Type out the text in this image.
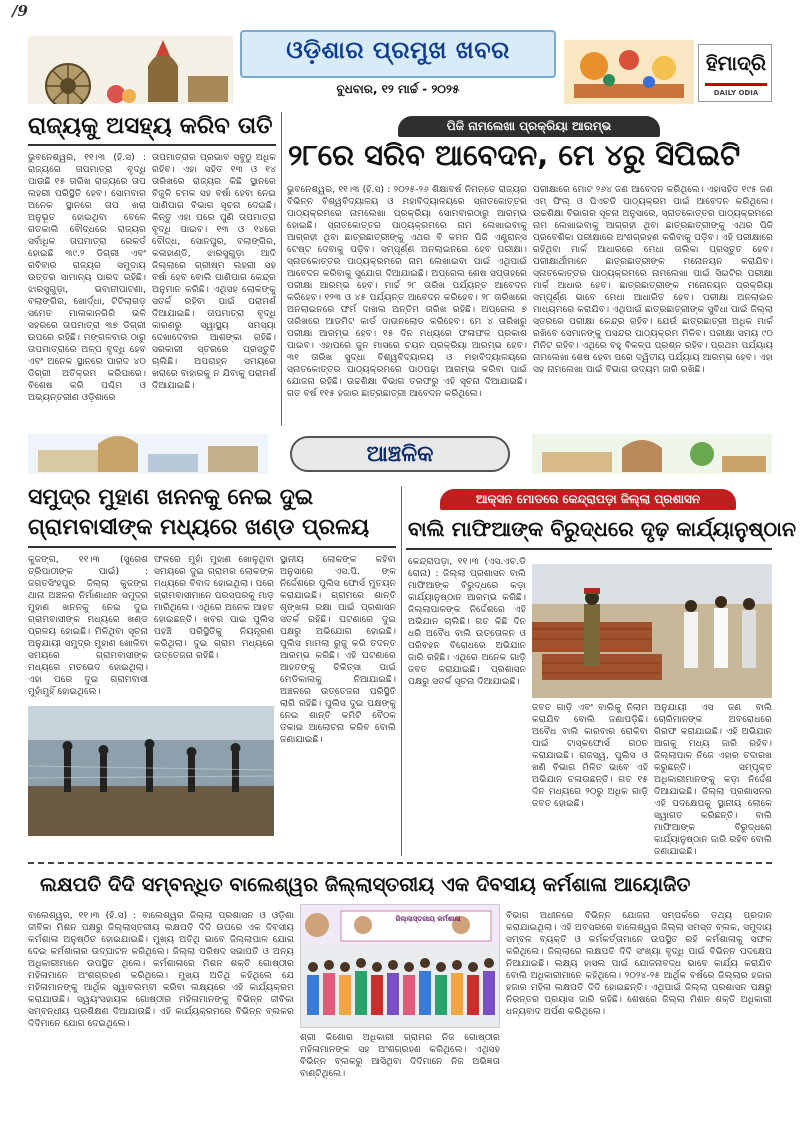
/9
ଓଡ଼ିଶାର ପ୍ରମୁଖ ଖବର
ବୁଧବାର, ୧୨ ମାର୍ଚ୍ଚ - ୨୦୨୫
ହିମାଦ୍ରି
DAILY ODIA
ରାଜ୍ୟକୁ ଅସହ୍ୟ କରିବ ତାତି
ଭୁବନେଶ୍ୱର, ୧୧।୩ (ହି.ସ) : ରାଜ୍ୟରେ ତାପମାତ୍ରା ବୃଦ୍ଧି ପାଉଛି ୧୫ ତାରିଖ ରାଜ୍ୟରେ ତାପ ଲହରୀ ପରିସ୍ଥିତି ହେବ। ସୋମବାର ଅନେକ ସ୍ଥାନରେ ତାପ ଖରା ଅନୁଭୂତ ହୋଇଥିବା ବେଳେ ଗତକାଲି ବୌଦ୍ଧରେ ରାଜ୍ୟର ସର୍ବାଧିକ ତାପମାତ୍ରା ରେକର୍ଡ ହୋଇଛି ୩୯.୨ ଡିଗ୍ରୀ ଏବଂ ରବିବାର ରାଜ୍ୟର ସମୁଦାୟ ଉତ୍ତର ସାମାନ୍ୟ ପାରଦ ରହିଛି। ଝାରସୁଗୁଡ଼ା, ଭବାନୀପାଟଣା, ବଲାଙ୍ଗିର, ଖୋର୍ଦ୍ଧା, ଟିଟିଲାଗଡ଼ ସମେତ ମାଲକାନଗିରି ଭଳି ସହରରେ ତାପମାତ୍ରା ୩୭ ଡିଗ୍ରୀ ଉପରେ ରହିଛି। ମଙ୍ଗଳବାର ଠାରୁ ତାପମାତ୍ରାରେ ଅଳ୍ପ ବୃଦ୍ଧି ହେବ ଏବଂ ଅନେକ ସ୍ଥାନରେ ପାରଦ ୪୦ ଡିଗ୍ରୀ ଅତିକ୍ରମ କରିପାରେ। ବିଶେଷ କରି ପଶ୍ଚିମ ଓ ଅଭ୍ୟନ୍ତରୀଣ ଓଡ଼ିଶାରେ
ତାପମାତ୍ରାର ପ୍ରଭାବ ସବୁଠୁ ଅଧିକ ରହିବ। ଏହା ସହିତ ୧୩ ଓ ୧୪ ତାରିଖରେ ରାଜ୍ୟର କିଛି ସ୍ଥାନରେ ବିଜୁଳି ଚମକ ସହ ବର୍ଷା ହେବା ନେଇ ପାଣିପାଗ ବିଭାଗ ସୂଚନା ଦେଇଛି। କିନ୍ତୁ ଏହା ପରେ ପୁଣି ତାପମାତ୍ରା ବୃଦ୍ଧି ପାଇବ। ୧୩ ଓ ୧୪ରେ ବୌଦ୍ଧ, ସୋନପୁର, ବଲାଙ୍ଗିର, କଳାହାଣ୍ଡି, ଝାରସୁଗୁଡ଼ା ଆଦି ଜିଲ୍ଲାରେ ଗ୍ରୀଷ୍ମ ଲହରୀ ସହ ବର୍ଷା ହେବ ବୋଲି ପାଣିପାଗ କେନ୍ଦ୍ର ଅନୁମାନ କରିଛି। ଏଥିସହ ଲୋକଙ୍କୁ ସତର୍କ ରହିବା ପାଇଁ ପରାମର୍ଶ ଦିଆଯାଇଛି। ତାପମାତ୍ରା ବୃଦ୍ଧି କାରଣରୁ ସ୍ୱାସ୍ଥ୍ୟ ସମସ୍ୟା ଦେଖାଦେବାର ଆଶଙ୍କା ରହିଛି। ସରକାରୀ ସ୍ତରରେ ପ୍ରସ୍ତୁତି ଚାଲିଛି। ଅପରାହ୍ନ ସମୟରେ ଖରାରେ ବାହାରକୁ ନ ଯିବାକୁ ପରାମର୍ଶ ଦିଆଯାଇଛି।
ପିଜି ନାମଲେଖା ପ୍ରକ୍ରିୟା ଆରମ୍ଭ
୨୮ରେ ସରିବ ଆବେଦନ, ମେ ୪ରୁ ସିପିଇଟି
ଭୁବନେଶ୍ୱର, ୧୧।୩ (ହି.ସ) : ୨୦୨୫-୨୬ ଶିକ୍ଷାବର୍ଷ ନିମନ୍ତେ ରାଜ୍ୟର ବିଭିନ୍ନ ବିଶ୍ୱବିଦ୍ୟାଳୟ ଓ ମହାବିଦ୍ୟାଳୟରେ ସ୍ନାତକୋତ୍ତର ପାଠ୍ୟକ୍ରମରେ ନାମଲେଖା ପ୍ରକ୍ରିୟା ସୋମବାରଠାରୁ ଆରମ୍ଭ ହୋଇଛି। ସ୍ନାତକୋତ୍ତର ପାଠ୍ୟକ୍ରମରେ ନାମ ଲେଖାଇବାକୁ ଆଗ୍ରହୀ ଥିବା ଛାତ୍ରଛାତ୍ରୀଙ୍କୁ ଏଥର ବି କମନ ପିଜି ଏଣ୍ଟ୍ରାନ୍ସ ଟେଷ୍ଟ ଦେବାକୁ ପଡ଼ିବ। ସମ୍ପୂର୍ଣ୍ଣ ଅନଲାଇନରେ ହେବ ପରୀକ୍ଷା। ସ୍ନାତକୋତ୍ତର ପାଠ୍ୟକ୍ରମରେ ନାମ ଲେଖାଇବା ପାଇଁ ଏଥିପାଇଁ ଆବେଦନ କରିବାକୁ ସୁଯୋଗ ଦିଆଯାଇଛି। ଅପ୍ରେଲ ଶେଷ ସପ୍ତାହରେ ପରୀକ୍ଷା ଆରମ୍ଭ ହେବ। ମାର୍ଚ୍ଚ ୨୮ ତାରିଖ ପର୍ଯ୍ୟନ୍ତ ଆବେଦନ କରିହେବ। ୧୨୩ ଓ ୪୫ ପର୍ଯ୍ୟନ୍ତ ଆବେଦନ କରିହେବ। ୨୮ ତାରିଖରେ ଅନଲାଇନରେ ଫର୍ମ ଦାଖଲ ଅନ୍ତିମ ତାରିଖ ରହିଛି। ଅପ୍ରେଲ ୭ ତାରିଖରେ ଆଡମିଟ କାର୍ଡ ଡାଉନଲୋଡ କରିହେବ। ମେ ୪ ତାରିଖରୁ ପରୀକ୍ଷା ଆରମ୍ଭ ହେବ। ୧୫ ଦିନ ମଧ୍ୟରେ ଫଳାଫଳ ପ୍ରକାଶ ପାଇବ। ଏହାପରେ ଜୁନ ମାସରେ ଚୟନ ପ୍ରକ୍ରିୟା ଆରମ୍ଭ ହେବ। ୩୧ ତାରିଖ ସୁଦ୍ଧା ବିଶ୍ୱବିଦ୍ୟାଳୟ ଓ ମହାବିଦ୍ୟାଳୟରେ ସ୍ନାତକୋତ୍ତର ପାଠ୍ୟକ୍ରମରେ ପାଠପଢ଼ା ଆରମ୍ଭ କରିବା ପାଇଁ ଯୋଜନା ରହିଛି। ଉଚ୍ଚଶିକ୍ଷା ବିଭାଗ ତରଫରୁ ଏହି ସୂଚନା ଦିଆଯାଇଛି। ଗତ ବର୍ଷ ୧୧୫ ହଜାର ଛାତ୍ରଛାତ୍ରୀ ଆବେଦନ କରିଥିଲେ।
ପରୀକ୍ଷାରେ ମୋଟ ୨୬୪ ଜଣ ଆବେଦନ କରିଥିଲେ। ଏହାସହିତ ୧୯୫ ଜଣ ଏମ୍ ଫିଲ୍ ଓ ପିଏଚଡି ପାଠ୍ୟକ୍ରମ ପାଇଁ ଆବେଦନ କରିଥିଲେ। ଉଚ୍ଚଶିକ୍ଷା ବିଭାଗର ସୂଚନା ଅନୁସାରେ, ସ୍ନାତକୋତ୍ତର ପାଠ୍ୟକ୍ରମରେ ନାମ ଲେଖାଇବାକୁ ଆଗ୍ରହୀ ଥିବା ଛାତ୍ରଛାତ୍ରୀଙ୍କୁ ଏଥର ପିଜି ପ୍ରବେଶିକା ପରୀକ୍ଷାରେ ଅଂଶଗ୍ରହଣ କରିବାକୁ ପଡ଼ିବ। ଏହି ପରୀକ୍ଷାରେ ରହିଥିବା ମାର୍କ ଆଧାରରେ ମେଧା ତାଲିକା ପ୍ରସ୍ତୁତ ହେବ। ପରୀକ୍ଷାର୍ଥୀମାନେ ଛାତ୍ରଛାତ୍ରୀଙ୍କ ମନୋନୟନ କରାଯିବ। ସ୍ନାତକୋତ୍ତର ପାଠ୍ୟକ୍ରମରେ ନାମଲେଖା ପାଇଁ ସିଇଟିର ପରୀକ୍ଷା ମାର୍କ ଆଧାର ହେବ। ଛାତ୍ରଛାତ୍ରୀଙ୍କ ମନୋନୟନ ପ୍ରକ୍ରିୟା ସମ୍ପୂର୍ଣ୍ଣ ଭାବେ ମେଧା ଆଧାରିତ ହେବ। ପରୀକ୍ଷା ଅନଲାଇନ ମାଧ୍ୟମରେ କରାଯିବ। ଏଥିପାଇଁ ଛାତ୍ରଛାତ୍ରୀଙ୍କ ସୁବିଧା ପାଇଁ ଜିଲ୍ଲା ସ୍ତରରେ ପରୀକ୍ଷା କେନ୍ଦ୍ର ରହିବ। ଯେଉଁ ଛାତ୍ରଛାତ୍ରୀ ଅଧିକ ମାର୍କ ରଖିବେ ସେମାନଙ୍କୁ ପସନ୍ଦର ପାଠ୍ୟକ୍ରମ ମିଳିବ। ପରୀକ୍ଷା ସମୟ ୯୦ ମିନିଟ ରହିବ। ଏଥିରେ ବହୁ ବିକଳ୍ପ ପ୍ରଶ୍ନ ରହିବ। ପ୍ରଥମ ପର୍ଯ୍ୟାୟ ନାମଲେଖା ଶେଷ ହେବା ପରେ ଦ୍ୱିତୀୟ ପର୍ଯ୍ୟାୟ ଆରମ୍ଭ ହେବ। ଏହା ସହ ନାମଲେଖା ପାଇଁ ବିଭାଗ ଉଦ୍ୟମ ଜାରି ରଖିଛି।
ଆଞ୍ଚଳିକ
ସମୁଦ୍ର ମୁହାଣ ଖନନକୁ ନେଇ ଦୁଇ
ଗ୍ରାମବାସୀଙ୍କ ମଧ୍ୟରେ ଖଣ୍ଡ ପ୍ରଳୟ
କୁଜଙ୍ଗ, ୧୧।୩ (ସୁରେଶ ତ୍ରିପାଠୀଙ୍କ ପାଇଁ) : ଜଗତସିଂହପୁର ଜିଲ୍ଲା କୁଜଙ୍ଗ ଥାନା ଅଞ୍ଚଳର ନିର୍ମାଣାଧୀନ ସମୁଦ୍ର ମୁହାଣ ଖନନକୁ ନେଇ ଦୁଇ ଗ୍ରାମବାସୀଙ୍କ ମଧ୍ୟରେ ଖଣ୍ଡ ପ୍ରଳୟ ହୋଇଛି। ମିଳିଥିବା ସୂଚନା ଅନୁଯାୟୀ ସମୁଦ୍ର ମୁହାଣ ଖୋଳିବା ସମୟରେ ଗ୍ରାମବାସୀଙ୍କ ମଧ୍ୟରେ ମତଭେଦ ହୋଇଥିଲା। ଏହା ପରେ ଦୁଇ ଗ୍ରାମବାସୀ ମୁହାଁମୁହିଁ ହୋଇଥିଲେ।
ଫଳରେ ମୁହାଁ ମୁହାଣ ଖୋଳୁଥିବା ସମୟରେ ଦୁଇ ଗ୍ରାମର ଲୋକଙ୍କ ମଧ୍ୟରେ ବିବାଦ ହୋଇଥିଲା। ପରେ ଗ୍ରାମବାସୀମାନେ ପରସ୍ପରକୁ ମାଡ଼ ମାରିଥିଲେ। ଏଥିରେ ଅନେକ ଆହତ ହୋଇଛନ୍ତି। ଖବର ପାଇ ପୁଲିସ ପହଞ୍ଚି ପରିସ୍ଥିତିକୁ ନିୟନ୍ତ୍ରଣ କରିଥିଲା। ଦୁଇ ଗ୍ରାମ ମଧ୍ୟରେ ଉତ୍ତେଜନା ରହିଛି।
ସ୍ଥାନୀୟ ଲୋକଙ୍କ କହିବା ଅନୁସାରେ ଏସ.ପି. ଙ୍କ ନିର୍ଦ୍ଦେଶରେ ପୁଲିସ ଫୋର୍ସ ମୁତୟନ କରାଯାଇଛି। ଗ୍ରାମରେ ଶାନ୍ତି ଶୃଙ୍ଖଳା ରକ୍ଷା ପାଇଁ ପ୍ରଶାସନ ସତର୍କ ରହିଛି। ଘଟଣାରେ ଦୁଇ ପକ୍ଷରୁ ଅଭିଯୋଗ ହୋଇଛି। ପୁଲିସ ମାମଲା ରୁଜୁ କରି ତଦନ୍ତ ଆରମ୍ଭ କରିଛି। ଏହି ଘଟଣାରେ ଆହତଙ୍କୁ ଚିକିତ୍ସା ପାଇଁ ମେଡିକାଲକୁ ନିଆଯାଇଛି। ଅଞ୍ଚଳରେ ଉତ୍ତେଜନା ପରିସ୍ଥିତି ଲାଗି ରହିଛି। ପୁଲିସ ଦୁଇ ପକ୍ଷଙ୍କୁ ନେଇ ଶାନ୍ତି କମିଟି ବୈଠକ ଡକାଇ ଆଲୋଚନା କରିବ ବୋଲି ଜଣାଯାଇଛି।
ଆକ୍ସନ ମୋଡରେ କେନ୍ଦ୍ରାପଡ଼ା ଜିଲ୍ଲା ପ୍ରଶାସନ
ବାଲି ମାଫିଆଙ୍କ ବିରୁଦ୍ଧରେ ଦୃଢ଼ କାର୍ଯ୍ୟାନୁଷ୍ଠାନ
କେନ୍ଦ୍ରାପଡ଼ା, ୧୧।୩ (ଏସ.ଏଚ.ଡି ରୋନା) : ଜିଲ୍ଲା ପ୍ରଶାସନ ବାଲି ମାଫିଆଙ୍କ ବିରୁଦ୍ଧରେ କଡ଼ା କାର୍ଯ୍ୟାନୁଷ୍ଠାନ ଆରମ୍ଭ କରିଛି। ଜିଲ୍ଲାପାଳଙ୍କ ନିର୍ଦ୍ଦେଶରେ ଏହି ଅଭିଯାନ ଚାଲିଛି। ଗତ କିଛି ଦିନ ଧରି ଅବୈଧ ବାଲି ଉତ୍ତୋଳନ ଓ ପରିବହନ ବିରୋଧରେ ଅଭିଯାନ ଜାରି ରହିଛି। ଏଥିରେ ଅନେକ ଗାଡ଼ି ଜବତ କରାଯାଇଛି। ପ୍ରଶାସନ ପକ୍ଷରୁ ସତର୍କ ସୂଚନା ଦିଆଯାଇଛି।
ଜବତ ଗାଡ଼ି ଏବଂ ବାଲିକୁ ନିଲାମ କରାଯିବ ବୋଲି ଜଣାପଡ଼ିଛି। ଅବୈଧ ବାଲି କାରବାର ରୋକିବା ପାଇଁ ଟାସ୍କଫୋର୍ସ ଗଠନ କରାଯାଇଛି। ରାଜସ୍ୱ, ପୁଲିସ ଓ ଖଣି ବିଭାଗ ମିଳିତ ଭାବେ ଏହି ଅଭିଯାନ ଚଳାଉଛନ୍ତି। ଗତ ୧୫ ଦିନ ମଧ୍ୟରେ ୨୦ରୁ ଅଧିକ ଗାଡ଼ି ଜବତ ହୋଇଛି।
ଅନୁଯାୟୀ ଏସ ଜଣ ବାଲି ଚୋରିମାନଙ୍କ ଅବରୋଧରେ ଗିରଫ କରାଯାଇଛି। ଏହି ଅଭିଯାନ ଆଗକୁ ମଧ୍ୟ ଜାରି ରହିବ। ଜିଲ୍ଲାପାଳ ନିଜେ ଏହାର ତଦାରଖ କରୁଛନ୍ତି। ସମ୍ପୃକ୍ତ ଅଧିକାରୀମାନଙ୍କୁ କଡ଼ା ନିର୍ଦ୍ଦେଶ ଦିଆଯାଇଛି। ଜିଲ୍ଲା ପ୍ରଶାସନର ଏହି ପଦକ୍ଷେପକୁ ସ୍ଥାନୀୟ ଲୋକେ ସ୍ୱାଗତ କରିଛନ୍ତି। ବାଲି ମାଫିଆଙ୍କ ବିରୁଦ୍ଧରେ କାର୍ଯ୍ୟାନୁଷ୍ଠାନ ଜାରି ରହିବ ବୋଲି ଜଣାଯାଇଛି।
ଲକ୍ଷପତି ଦିଦି ସମ୍ବନ୍ଧିତ ବାଲେଶ୍ୱର ଜିଲ୍ଲାସ୍ତରୀୟ ଏକ ଦିବସୀୟ କର୍ମଶାଳା ଆୟୋଜିତ
ବାଲେଶ୍ୱର, ୧୧।୩ (ହି.ସ) : ବାଲେଶ୍ୱର ଜିଲ୍ଲା ପ୍ରଶାସନ ଓ ଓଡ଼ିଶା ଜୀବିକା ମିଶନ ପକ୍ଷରୁ ଜିଲ୍ଲାସ୍ତରୀୟ ଲକ୍ଷପତି ଦିଦି ଉପରେ ଏକ ଦିବସୀୟ କର୍ମଶାଳା ଅନୁଷ୍ଠିତ ହୋଇଯାଇଛି। ମୁଖ୍ୟ ଅତିଥି ଭାବେ ଜିଲ୍ଲାପାଳ ଯୋଗ ଦେଇ କର୍ମଶାଳାର ଉଦ୍‌ଘାଟନ କରିଥିଲେ। ଜିଲ୍ଲା ପରିଷଦ ସଭାପତି ଓ ଅନ୍ୟ ଅଧିକାରୀମାନେ ଉପସ୍ଥିତ ଥିଲେ। କର୍ମଶାଳାରେ ମିଶନ ଶକ୍ତି ଗୋଷ୍ଠୀର ମହିଳାମାନେ ଅଂଶଗ୍ରହଣ କରିଥିଲେ। ମୁଖ୍ୟ ଅତିଥି କହିଥିଲେ ଯେ ମହିଳାମାନଙ୍କୁ ଆର୍ଥିକ ସ୍ୱାବଲମ୍ବୀ କରିବା ଲକ୍ଷ୍ୟରେ ଏହି କାର୍ଯ୍ୟକ୍ରମ କରାଯାଉଛି। ସ୍ୱୟଂସହାୟକ ଗୋଷ୍ଠୀର ମହିଳାମାନଙ୍କୁ ବିଭିନ୍ନ ଜୀବିକା ସମ୍ବନ୍ଧୀୟ ପ୍ରଶିକ୍ଷଣ ଦିଆଯାଉଛି। ଏହି କାର୍ଯ୍ୟକ୍ରମରେ ବିଭିନ୍ନ ବ୍ଲକର ଦିଦିମାନେ ଯୋଗ ଦେଇଥିଲେ।
ଜିଲ୍ଲାସ୍ତରୀୟ କର୍ମଶାଳା
ଶ୍ରୀ କିଶୋର ଅଧିକାରୀ ଗ୍ରାମର ନିଜ ଗୋଷ୍ଠୀର ମହିଳାମାନଙ୍କ ସହ ଅଂଶଗ୍ରହଣ କରିଥିଲେ। ଏଥିସହ ବିଭିନ୍ନ ବ୍ଲକରୁ ଆସିଥିବା ଦିଦିମାନେ ନିଜ ଅଭିଜ୍ଞତା ବାଣ୍ଟିଥିଲେ।
ବିଭାଗ ଅଧୀନରେ ବିଭିନ୍ନ ଯୋଜନା ସମ୍ପର୍କରେ ତଥ୍ୟ ପ୍ରଦାନ କରାଯାଇଥିଲା। ଏହି ଅବସରରେ ବାଲେଶ୍ୱର ଜିଲ୍ଲା ସମସ୍ତ ବ୍ଲକ, ସମୁଦାୟ ସମ୍ବଳ ବ୍ୟକ୍ତି ଓ କର୍ମକର୍ତ୍ତାମାନେ ଉପସ୍ଥିତ ରହି କର୍ମଶାଳାକୁ ସଫଳ କରିଥିଲେ। ଜିଲ୍ଲାରେ ଲକ୍ଷପତି ଦିଦି ସଂଖ୍ୟା ବୃଦ୍ଧି ପାଇଁ ବିଭିନ୍ନ ପଦକ୍ଷେପ ନିଆଯାଇଛି। ଲକ୍ଷ୍ୟ ହାସଲ ପାଇଁ ଯୋଜନାବଦ୍ଧ ଭାବେ କାର୍ଯ୍ୟ କରାଯିବ ବୋଲି ଅଧିକାରୀମାନେ କହିଥିଲେ। ୨୦୨୪-୨୫ ଆର୍ଥିକ ବର୍ଷରେ ଜିଲ୍ଲାର ହଜାର ହଜାର ମହିଳା ଲକ୍ଷପତି ଦିଦି ହୋଇଛନ୍ତି। ଏଥିପାଇଁ ଜିଲ୍ଲା ପ୍ରଶାସନ ପକ୍ଷରୁ ନିରନ୍ତର ପ୍ରୟାସ ଜାରି ରହିଛି। ଶେଷରେ ଜିଲ୍ଲା ମିଶନ ଶକ୍ତି ଅଧିକାରୀ ଧନ୍ୟବାଦ ଅର୍ପଣ କରିଥିଲେ।
